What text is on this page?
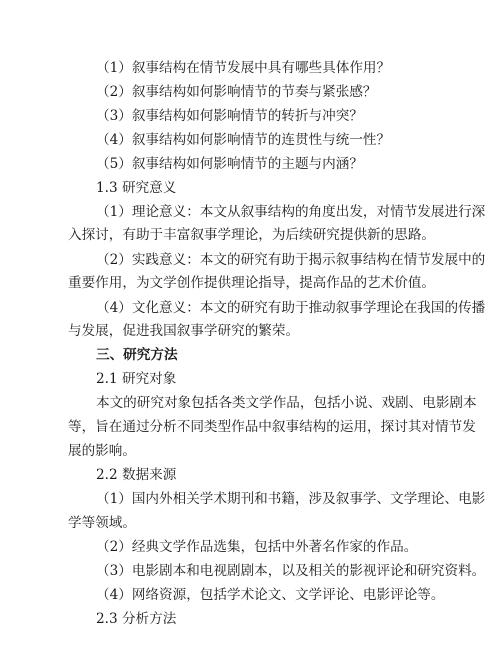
（1）叙事结构在情节发展中具有哪些具体作用？
（2）叙事结构如何影响情节的节奏与紧张感？
（3）叙事结构如何影响情节的转折与冲突？
（4）叙事结构如何影响情节的连贯性与统一性？
（5）叙事结构如何影响情节的主题与内涵？
1.3 研究意义
（1）理论意义：本文从叙事结构的角度出发，对情节发展进行深
入探讨，有助于丰富叙事学理论，为后续研究提供新的思路。
（2）实践意义：本文的研究有助于揭示叙事结构在情节发展中的
重要作用，为文学创作提供理论指导，提高作品的艺术价值。
（4）文化意义：本文的研究有助于推动叙事学理论在我国的传播
与发展，促进我国叙事学研究的繁荣。
三、研究方法
2.1 研究对象
本文的研究对象包括各类文学作品，包括小说、戏剧、电影剧本
等，旨在通过分析不同类型作品中叙事结构的运用，探讨其对情节发
展的影响。
2.2 数据来源
（1）国内外相关学术期刊和书籍，涉及叙事学、文学理论、电影
学等领域。
（2）经典文学作品选集，包括中外著名作家的作品。
（3）电影剧本和电视剧剧本，以及相关的影视评论和研究资料。
（4）网络资源，包括学术论文、文学评论、电影评论等。
2.3 分析方法
